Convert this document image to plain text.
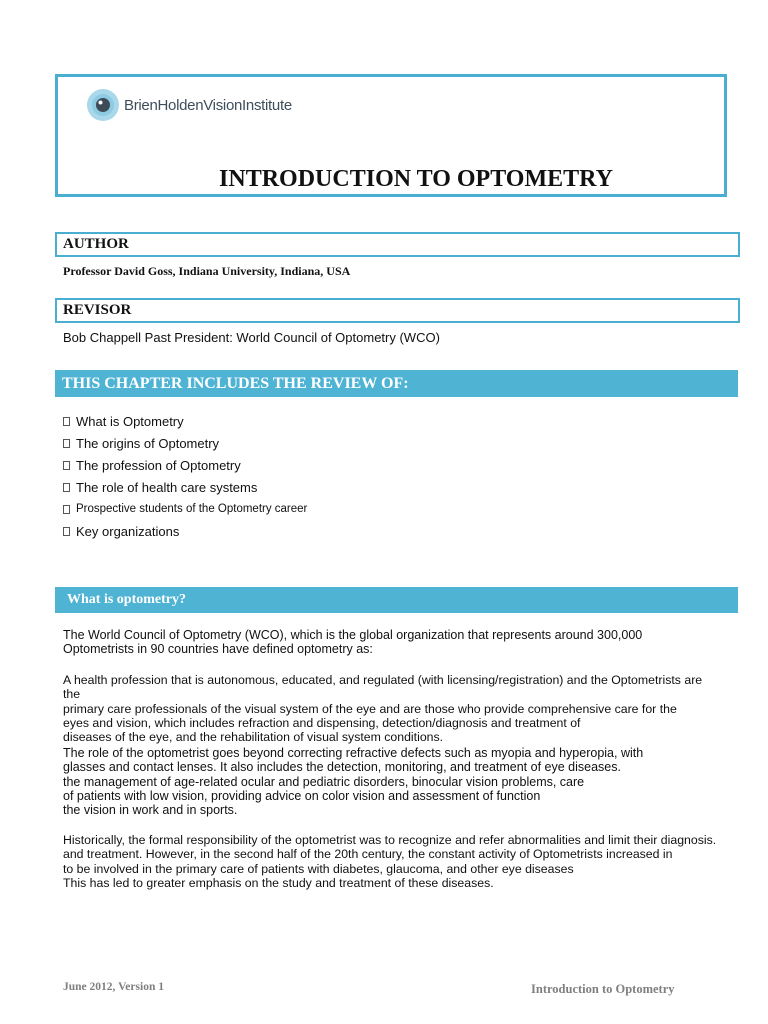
BrienHoldenVisionInstitute
INTRODUCTION TO OPTOMETRY
AUTHOR
Professor David Goss, Indiana University, Indiana, USA
REVISOR
Bob Chappell Past President: World Council of Optometry (WCO)
THIS CHAPTER INCLUDES THE REVIEW OF:
What is Optometry
The origins of Optometry
The profession of Optometry
The role of health care systems
Prospective students of the Optometry career
Key organizations
What is optometry?

The World Council of Optometry (WCO), which is the global organization that represents around 300,000

Optometrists in 90 countries have defined optometry as:

A health profession that is autonomous, educated, and regulated (with licensing/registration) and the Optometrists are the

primary care professionals of the visual system of the eye and are those who provide comprehensive care for the

eyes and vision, which includes refraction and dispensing, detection/diagnosis and treatment of

diseases of the eye, and the rehabilitation of visual system conditions.

The role of the optometrist goes beyond correcting refractive defects such as myopia and hyperopia, with

glasses and contact lenses. It also includes the detection, monitoring, and treatment of eye diseases.

the management of age-related ocular and pediatric disorders, binocular vision problems, care

of patients with low vision, providing advice on color vision and assessment of function

the vision in work and in sports.

Historically, the formal responsibility of the optometrist was to recognize and refer abnormalities and limit their diagnosis.

and treatment. However, in the second half of the 20th century, the constant activity of Optometrists increased in

to be involved in the primary care of patients with diabetes, glaucoma, and other eye diseases

This has led to greater emphasis on the study and treatment of these diseases.

June 2012, Version 1	Introduction to Optometry
